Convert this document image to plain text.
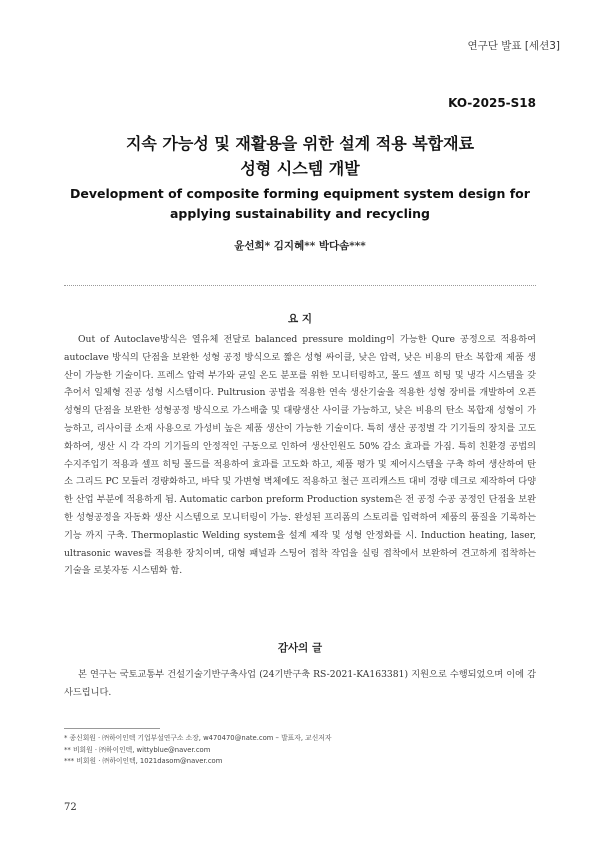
연구단 발표 [세션3]
KO-2025-S18
지속 가능성 및 재활용을 위한 설계 적용 복합재료
성형 시스템 개발
Development of composite forming equipment system design for
applying sustainability and recycling
윤선희* 김지혜** 박다솜***
요 지

Out of Autoclave방식은 열유체 전달로 balanced pressure molding이 가능한 Qure 공정으로 적용하여 autoclave 방식의 단점을 보완한 성형 공정 방식으로 짧은 성형 싸이클, 낮은 압력, 낮은 비용의 탄소 복합재 제품 생산이 가능한 기술이다. 프레스 압력 부가와 균일 온도 분포를 위한 모니터링하고, 몰드 셀프 히팅 및 냉각 시스템을 갖추어서 일체형 진공 성형 시스템이다. Pultrusion 공법을 적용한 연속 생산기술을 적용한 성형 장비를 개발하여 오픈 성형의 단점을 보완한 성형공정 방식으로 가스배출 및 대량생산 사이클 가능하고, 낮은 비용의 탄소 복합재 성형이 가능하고, 리사이클 소재 사용으로 가성비 높은 제품 생산이 가능한 기술이다. 특히 생산 공정별 각 기기들의 장치를 고도화하여, 생산 시 각 각의 기기들의 안정적인 구동으로 인하여 생산인원도 50% 감소 효과를 가짐. 특히 친환경 공법의 수지주입기 적용과 셀프 히팅 몰드를 적용하여 효과를 고도화 하고, 제품 평가 및 제어시스템을 구축 하여 생산하여 탄소 그리드 PC 모듈러 경량화하고, 바닥 및 가변형 벽체에도 적용하고 철근 프리캐스트 대비 경량 데크로 제작하여 다양한 산업 부분에 적용하게 됨. Automatic carbon preform Production system은 전 공정 수공 공정인 단점을 보완한 성형공정을 자동화 생산 시스템으로 모니터링이 가능. 완성된 프리폼의 스토리를 입력하여 제품의 품질을 기록하는 기능 까지 구축. Thermoplastic Welding system을 설계 제작 및 성형 안정화를 시. Induction heating, laser, ultrasonic waves를 적용한 장치이며, 대형 패널과 스팅어 접착 작업을 실링 접착에서 보완하여 견고하게 접착하는 기술을 로봇자동 시스템화 함.

감사의 글

본 연구는 국토교통부 건설기술기반구축사업 (24기반구축 RS-2021-KA163381) 지원으로 수행되었으며 이에 감사드립니다.

* 종신회원 · ㈜하이인텍 기업부설연구소 소장, w470470@nate.com – 발표자, 교신저자
** 비회원 · ㈜하이인텍, wittyblue@naver.com
*** 비회원 · ㈜하이인텍, 1021dasom@naver.com
72
